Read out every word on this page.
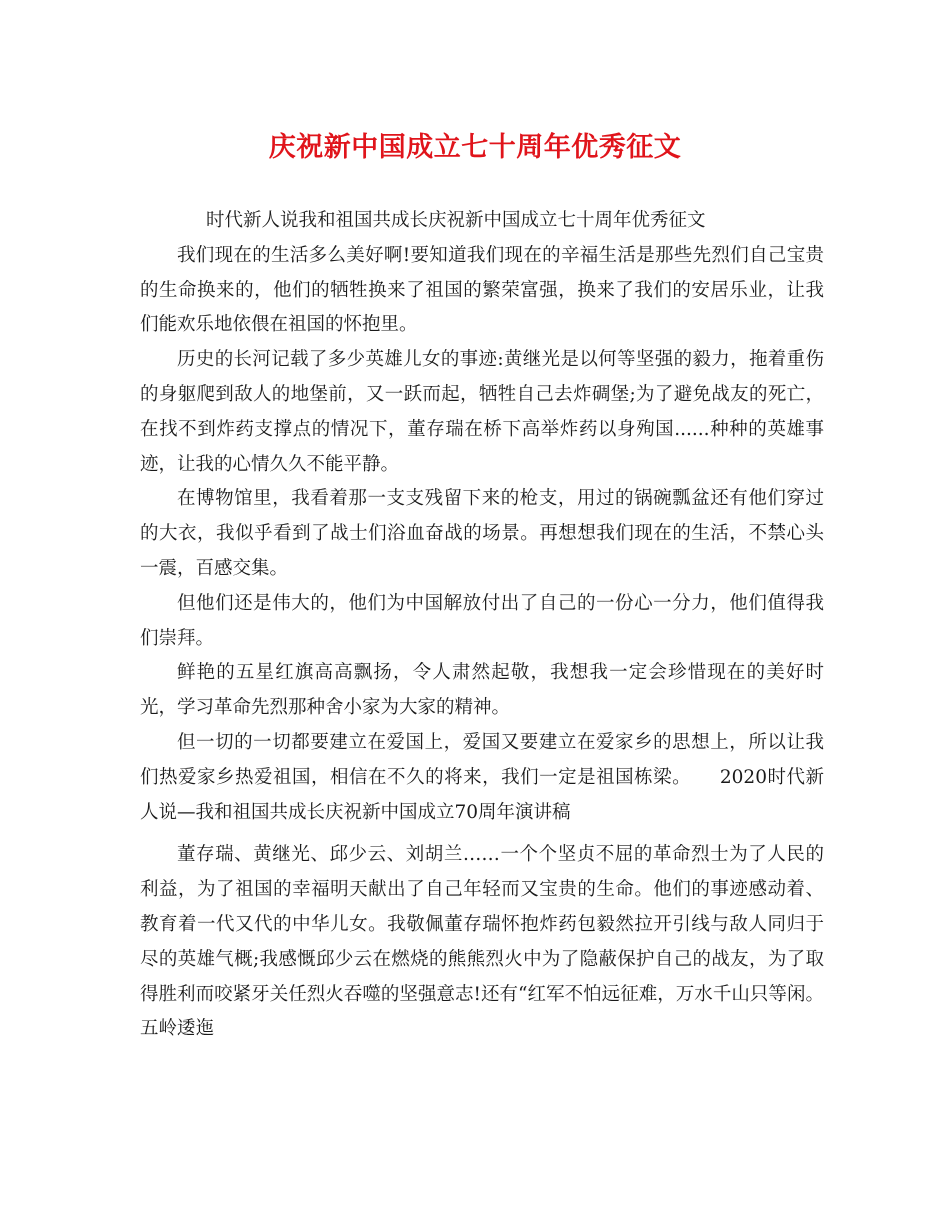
庆祝新中国成立七十周年优秀征文

时代新人说我和祖国共成长庆祝新中国成立七十周年优秀征文

我们现在的生活多么美好啊!要知道我们现在的辛福生活是那些先烈们自己宝贵的生命换来的，他们的牺牲换来了祖国的繁荣富强，换来了我们的安居乐业，让我们能欢乐地依偎在祖国的怀抱里。

历史的长河记载了多少英雄儿女的事迹:黄继光是以何等坚强的毅力，拖着重伤的身躯爬到敌人的地堡前，又一跃而起，牺牲自己去炸碉堡;为了避免战友的死亡，在找不到炸药支撑点的情况下，董存瑞在桥下高举炸药以身殉国......种种的英雄事迹，让我的心情久久不能平静。

在博物馆里，我看着那一支支残留下来的枪支，用过的锅碗瓢盆还有他们穿过的大衣，我似乎看到了战士们浴血奋战的场景。再想想我们现在的生活，不禁心头一震，百感交集。

但他们还是伟大的，他们为中国解放付出了自己的一份心一分力，他们值得我们崇拜。

鲜艳的五星红旗高高飘扬，令人肃然起敬，我想我一定会珍惜现在的美好时光，学习革命先烈那种舍小家为大家的精神。

但一切的一切都要建立在爱国上，爱国又要建立在爱家乡的思想上，所以让我们热爱家乡热爱祖国，相信在不久的将来，我们一定是祖国栋梁。　　2020时代新人说—我和祖国共成长庆祝新中国成立70周年演讲稿

董存瑞、黄继光、邱少云、刘胡兰……一个个坚贞不屈的革命烈士为了人民的利益，为了祖国的幸福明天献出了自己年轻而又宝贵的生命。他们的事迹感动着、教育着一代又代的中华儿女。我敬佩董存瑞怀抱炸药包毅然拉开引线与敌人同归于尽的英雄气概;我感慨邱少云在燃烧的熊熊烈火中为了隐蔽保护自己的战友，为了取得胜利而咬紧牙关任烈火吞噬的坚强意志!还有“红军不怕远征难，万水千山只等闲。五岭逶迤
